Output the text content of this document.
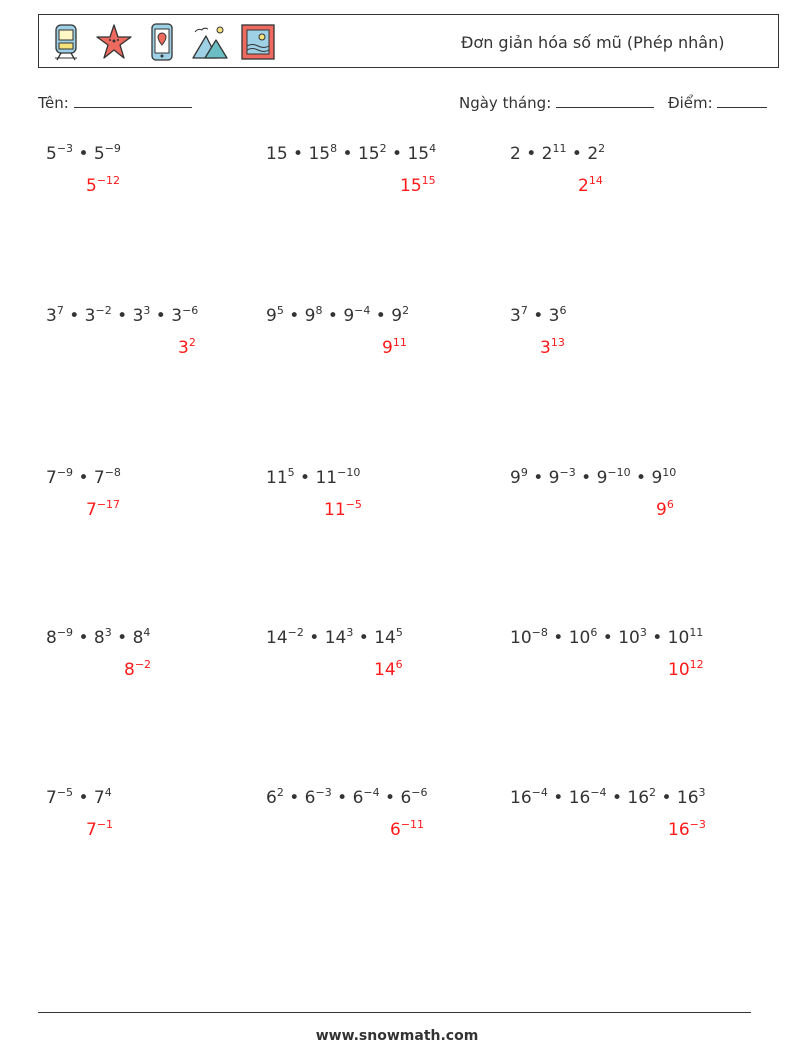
Đơn giản hóa số mũ (Phép nhân)
Tên:	Ngày tháng:	Điểm:
$5^{-3}$ • $5^{-9}$
$5^{-12}$
15 • $15^8$ • $15^2$ • $15^4$
$15^{15}$
2 • $2^{11}$ • $2^2$
$2^{14}$
$3^7$ • $3^{-2}$ • $3^3$ • $3^{-6}$
$3^2$
$9^5$ • $9^8$ • $9^{-4}$ • $9^2$
$9^{11}$
$3^7$ • $3^6$
$3^{13}$
$7^{-9}$ • $7^{-8}$
$7^{-17}$
$11^5$ • $11^{-10}$
$11^{-5}$
$9^9$ • $9^{-3}$ • $9^{-10}$ • $9^{10}$
$9^6$
$8^{-9}$ • $8^3$ • $8^4$
$8^{-2}$
$14^{-2}$ • $14^3$ • $14^5$
$14^6$
$10^{-8}$ • $10^6$ • $10^3$ • $10^{11}$
$10^{12}$
$7^{-5}$ • $7^4$
$7^{-1}$
$6^2$ • $6^{-3}$ • $6^{-4}$ • $6^{-6}$
$6^{-11}$
$16^{-4}$ • $16^{-4}$ • $16^2$ • $16^3$
$16^{-3}$
www.snowmath.com
